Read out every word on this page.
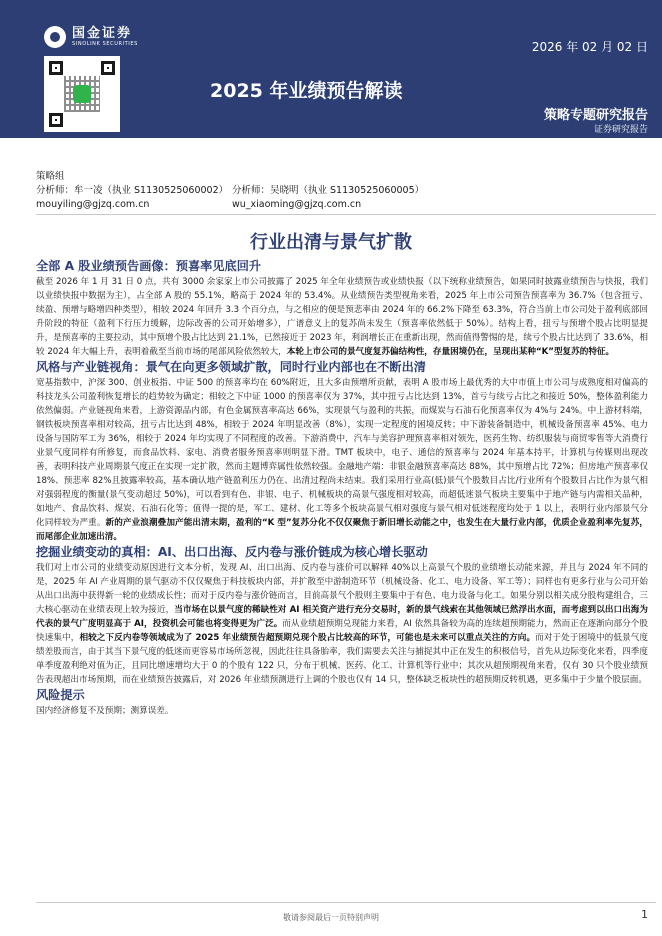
国金证券
SINOLINK SECURITIES	2026 年 02 月 02 日
2025 年业绩预告解读
策略专题研究报告
证券研究报告
策略组
分析师：牟一凌（执业 S1130525060002） 分析师：吴晓明（执业 S1130525060005）
mouyiling@gjzq.com.cn	wu_xiaoming@gjzq.com.cn
行业出清与景气扩散
全部 A 股业绩预告画像：预喜率见底回升
截至 2026 年 1 月 31 日 0 点，共有 3000 余家家上市公司披露了 2025 年全年业绩预告或业绩快报（以下统称业绩预告，如果同时披露业绩预告与快报，我们以业绩快报中数据为主），占全部 A 股的 55.1%，略高于 2024 年的 53.4%。从业绩预告类型视角来看，2025 年上市公司预告预喜率为 36.7%（包含扭亏、续盈、预增与略增四种类型），相较 2024 年回升 3.3 个百分点，与之相应的便是预悲率由 2024 年的 66.2%下降至 63.3%，符合当前上市公司处于盈利底部回升阶段的特征（盈利下行压力缓解，边际改善的公司开始增多），广谱意义上的复苏尚未发生（预喜率依然低于 50%）。结构上看，扭亏与预增个股占比明显提升，是预喜率的主要拉动，其中预增个股占比达到 21.1%，已然接近于 2023 年，利润增长正在重新出现，然而值得警惕的是，续亏个股占比达到了 33.6%，相较 2024 年大幅上升，表明着截至当前市场的尾部风险依然较大，本轮上市公司的景气度复苏偏结构性，存量困境仍在，呈现出某种“K”型复苏的特征。
风格与产业链视角：景气在向更多领域扩散，同时行业内部也在不断出清
宽基指数中，沪深 300、创业板指、中证 500 的预喜率均在 60%附近，且大多由预增所贡献，表明 A 股市场上最优秀的大中市值上市公司与成熟度相对偏高的科技龙头公司盈利恢复增长的趋势较为确定；相较之下中证 1000 的预喜率仅为 37%，其中扭亏占比达到 13%，首亏与续亏占比之和接近 50%，整体盈利能力依然偏弱。产业链视角来看，上游资源品内部，有色金属预喜率高达 66%，实现景气与盈利的共振，而煤炭与石油石化预喜率仅为 4%与 24%。中上游材料端，钢铁板块预喜率相对较高，扭亏占比达到 48%，相较于 2024 年明显改善（8%），实现一定程度的困境反转；中下游装备制造中，机械设备预喜率 45%、电力设备与国防军工为 36%，相较于 2024 年均实现了不同程度的改善。下游消费中，汽车与美容护理预喜率相对领先，医药生物、纺织服装与商贸零售等大消费行业景气度同样有所修复，而食品饮料、家电、消费者服务预喜率则明显下滑。TMT 板块中，电子、通信的预喜率与 2024 年基本持平，计算机与传媒则出现改善，表明科技产业周期景气度正在实现一定扩散，然而主题博弈属性依然较强。金融地产端：非银金融预喜率高达 88%，其中预增占比 72%；但房地产预喜率仅 18%、预悲率 82%且披露率较高，基本确认地产链盈利压力仍在、出清过程尚未结束。我们采用行业高(低)景气个股数目占比/行业所有个股数目占比作为景气相对强弱程度的衡量(景气变动超过 50%)，可以看到有色、非银、电子、机械板块的高景气强度相对较高，而超低迷景气板块主要集中于地产链与内需相关品种，如地产、食品饮料、煤炭、石油石化等；值得一提的是，军工、建材、化工等多个板块高景气相对强度与景气相对低迷程度均处于 1 以上，表明行业内部景气分化同样较为严重。新的产业浪潮叠加产能出清末期，盈利的“K 型”复苏分化不仅仅聚焦于新旧增长动能之中，也发生在大量行业内部，优质企业盈利率先复苏，而尾部企业加速出清。
挖掘业绩变动的真相：AI、出口出海、反内卷与涨价链成为核心增长驱动
我们对上市公司的业绩变动原因进行文本分析，发现 AI、出口出海、反内卷与涨价可以解释 40%以上高景气个股的业绩增长动能来源，并且与 2024 年不同的是，2025 年 AI 产业周期的景气驱动不仅仅聚焦于科技板块内部，并扩散至中游制造环节（机械设备、化工、电力设备、军工等）；同样也有更多行业与公司开始从出口出海中获得新一轮的业绩成长性；而对于反内卷与涨价链而言，目前高景气个股则主要集中于有色、电力设备与化工。如果分别以相关成分股构建组合，三大核心驱动在业绩表现上较为接近，当市场在以景气度的稀缺性对 AI 相关资产进行充分交易时，新的景气线索在其他领域已然浮出水面，而考虑到以出口出海为代表的景气广度明显高于 AI，投资机会可能也将变得更为广泛。而从业绩超预期兑现能力来看，AI 依然具备较为高的连续超预期能力，然而正在逐渐向部分个股快速集中，相较之下反内卷等领域成为了 2025 年业绩预告超预期兑现个股占比较高的环节，可能也是未来可以重点关注的方向。而对于处于困境中的低景气度绩差股而言，由于其当下景气度的低迷而更容易市场所忽视，因此往往具备胎率，我们需要去关注与捕捉其中正在发生的积极信号，首先从边际变化来看，四季度单季度盈利绝对值为正，且同比增速增均大于 0 的个股有 122 只，分布于机械、医药、化工、计算机等行业中；其次从超预期视角来看，仅有 30 只个股业绩预告表现超出市场预期，而在业绩预告披露后，对 2026 年业绩预测进行上调的个股也仅有 14 只，整体缺乏板块性的超预期反转机遇，更多集中于少量个股层面。
风险提示
国内经济修复不及预期；测算误差。
敬请参阅最后一页特别声明	1
